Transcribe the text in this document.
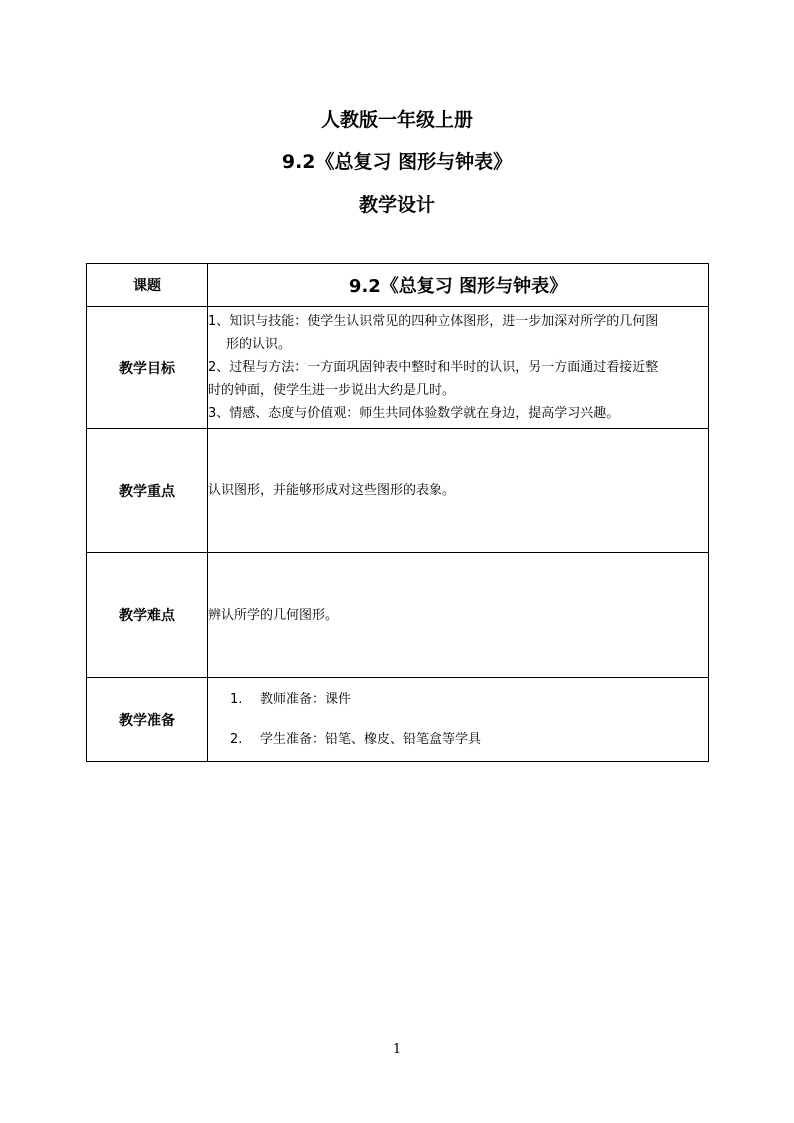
人教版一年级上册
9.2《总复习 图形与钟表》
教学设计
课题	9.2《总复习 图形与钟表》
教学目标	1、知识与技能：使学生认识常见的四种立体图形，进一步加深对所学的几何图
形的认识。
2、过程与方法：一方面巩固钟表中整时和半时的认识，另一方面通过看接近整
时的钟面，使学生进一步说出大约是几时。
3、情感、态度与价值观：师生共同体验数学就在身边，提高学习兴趣。

教学重点	认识图形，并能够形成对这些图形的表象。
教学难点	辨认所学的几何图形。
教学准备	1. 教师准备：课件
2. 学生准备：铅笔、橡皮、铅笔盒等学具
1
